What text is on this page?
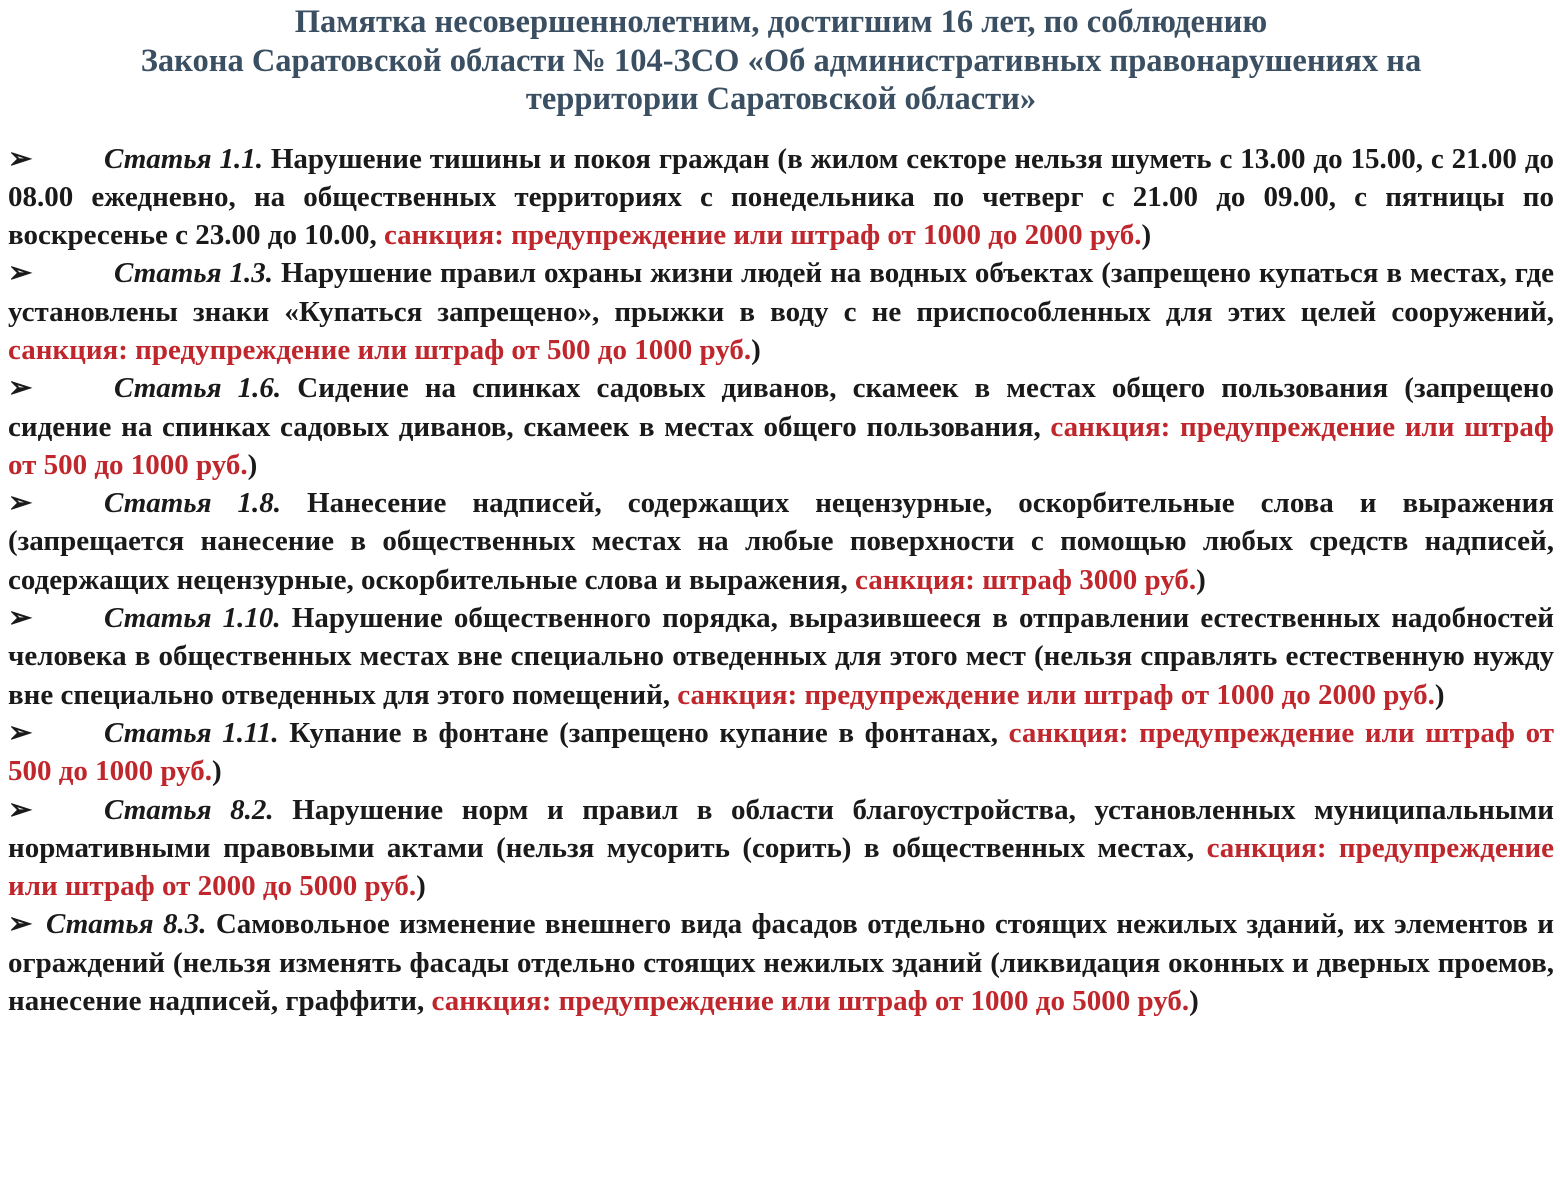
Памятка несовершеннолетним, достигшим 16 лет, по соблюдению
Закона Саратовской области № 104-ЗСО «Об административных правонарушениях на
территории Саратовской области»

➢ Статья 1.1. Нарушение тишины и покоя граждан (в жилом секторе нельзя шуметь с 13.00 до 15.00, с 21.00 до 08.00 ежедневно, на общественных территориях с понедельника по четверг с 21.00 до 09.00, с пятницы по воскресенье с 23.00 до 10.00, санкция: предупреждение или штраф от 1000 до 2000 руб.)

➢	Статья 1.3. Нарушение правил охраны жизни людей на водных объектах (запрещено купаться в местах, где установлены знаки «Купаться запрещено», прыжки в воду с не приспособленных для этих целей сооружений, санкция: предупреждение или штраф от 500 до 1000 руб.)

➢	Статья 1.6. Сидение на спинках садовых диванов, скамеек в местах общего пользования (запрещено сидение на спинках садовых диванов, скамеек в местах общего пользования, санкция: предупреждение или штраф от 500 до 1000 руб.)

➢ Статья 1.8. Нанесение надписей, содержащих нецензурные, оскорбительные слова и выражения (запрещается нанесение в общественных местах на любые поверхности с помощью любых средств надписей, содержащих нецензурные, оскорбительные слова и выражения, санкция: штраф 3000 руб.)

➢ Статья 1.10. Нарушение общественного порядка, выразившееся в отправлении естественных надобностей человека в общественных местах вне специально отведенных для этого мест (нельзя справлять естественную нужду вне специально отведенных для этого помещений, санкция: предупреждение или штраф от 1000 до 2000 руб.)

➢ Статья 1.11. Купание в фонтане (запрещено купание в фонтанах, санкция: предупреждение или штраф от 500 до 1000 руб.)

➢ Статья 8.2. Нарушение норм и правил в области благоустройства, установленных муниципальными нормативными правовыми актами (нельзя мусорить (сорить) в общественных местах, санкция: предупреждение или штраф от 2000 до 5000 руб.)

➢ Статья 8.3. Самовольное изменение внешнего вида фасадов отдельно стоящих нежилых зданий, их элементов и ограждений (нельзя изменять фасады отдельно стоящих нежилых зданий (ликвидация оконных и дверных проемов, нанесение надписей, граффити, санкция: предупреждение или штраф от 1000 до 5000 руб.)
